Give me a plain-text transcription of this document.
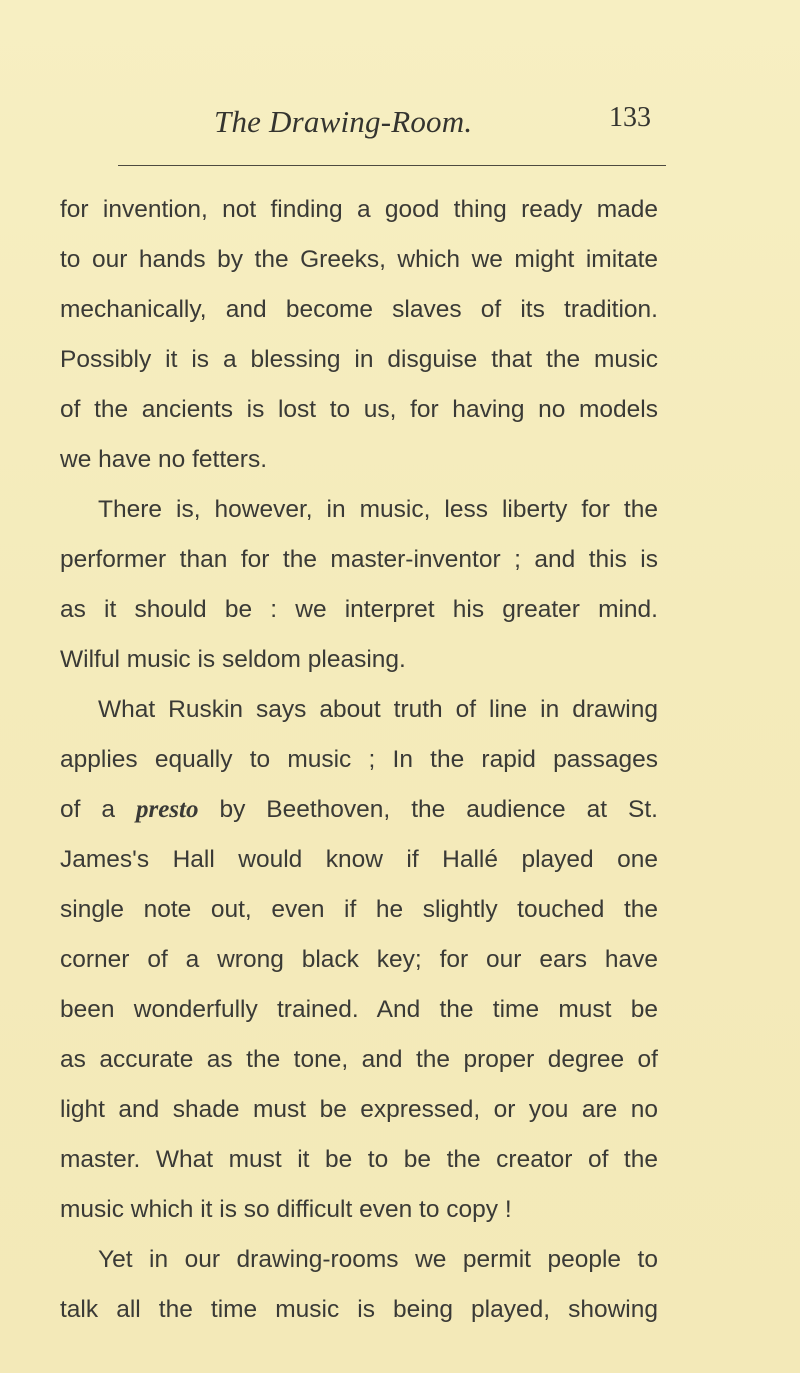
The Drawing-Room.	133
for invention, not finding a good thing ready made
to our hands by the Greeks, which we might imitate
mechanically, and become slaves of its tradition.
Possibly it is a blessing in disguise that the music
of the ancients is lost to us, for having no models
we have no fetters.
There is, however, in music, less liberty for the
performer than for the master-inventor ; and this is
as it should be : we interpret his greater mind.
Wilful music is seldom pleasing.
What Ruskin says about truth of line in drawing
applies equally to music ; In the rapid passages
of a presto by Beethoven, the audience at St.
James's Hall would know if Hallé played one
single note out, even if he slightly touched the
corner of a wrong black key; for our ears have
been wonderfully trained. And the time must be
as accurate as the tone, and the proper degree of
light and shade must be expressed, or you are no
master. What must it be to be the creator of the
music which it is so difficult even to copy !
Yet in our drawing-rooms we permit people to
talk all the time music is being played, showing
